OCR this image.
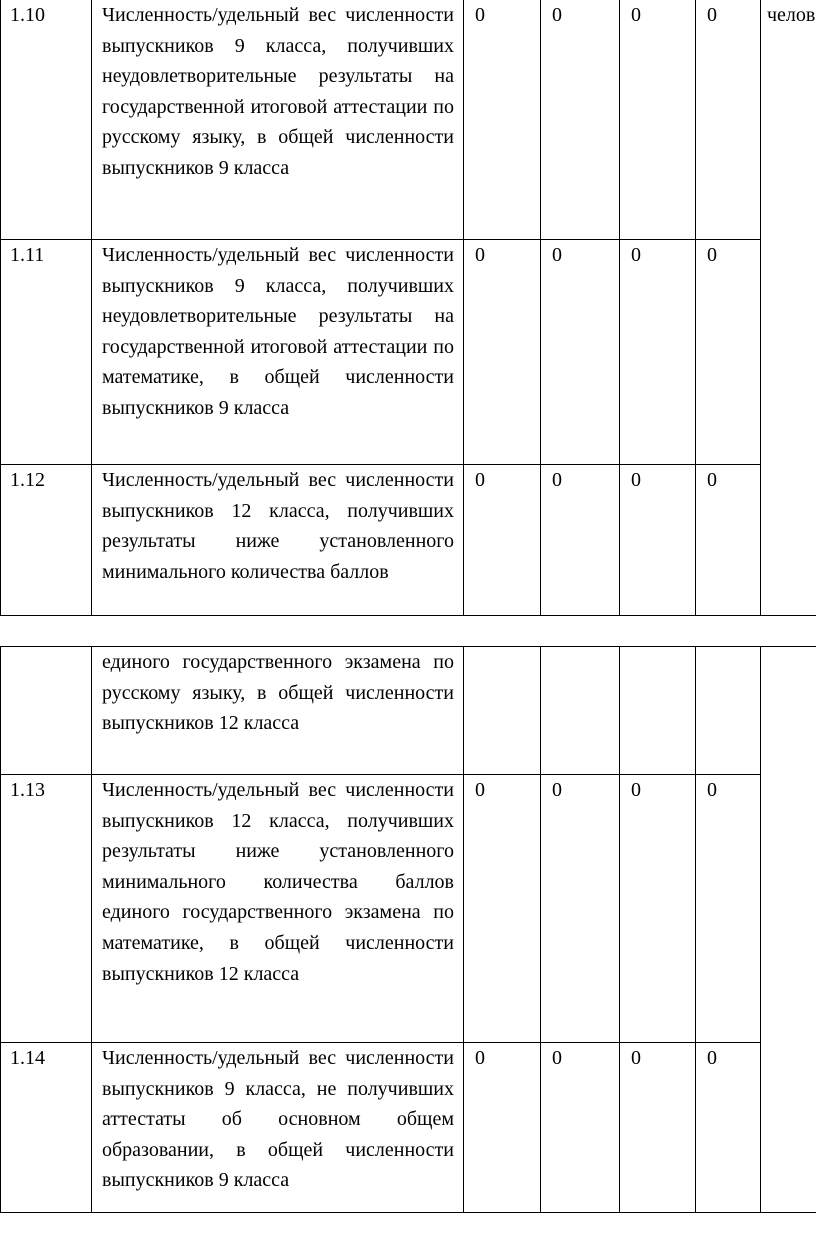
1.10	Численность/удельный вес численности выпускников 9 класса, получивших неудовлетворительные результаты на государственной итоговой аттестации по русскому языку, в общей численности выпускников 9 класса	0	0	0	0	челов
1.11	Численность/удельный вес численности выпускников 9 класса, получивших неудовлетворительные результаты на государственной итоговой аттестации по математике, в общей численности выпускников 9 класса	0	0	0	0	
1.12	Численность/удельный вес численности выпускников 12 класса, получивших результаты ниже установленного минимального количества баллов	0	0	0	0	
	единого государственного экзамена по русскому языку, в общей численности выпускников 12 класса					
1.13	Численность/удельный вес численности выпускников 12 класса, получивших результаты ниже установленного минимального количества баллов единого государственного экзамена по математике, в общей численности выпускников 12 класса	0	0	0	0	
1.14	Численность/удельный вес численности выпускников 9 класса, не получивших аттестаты об основном общем образовании, в общей численности выпускников 9 класса	0	0	0	0	
